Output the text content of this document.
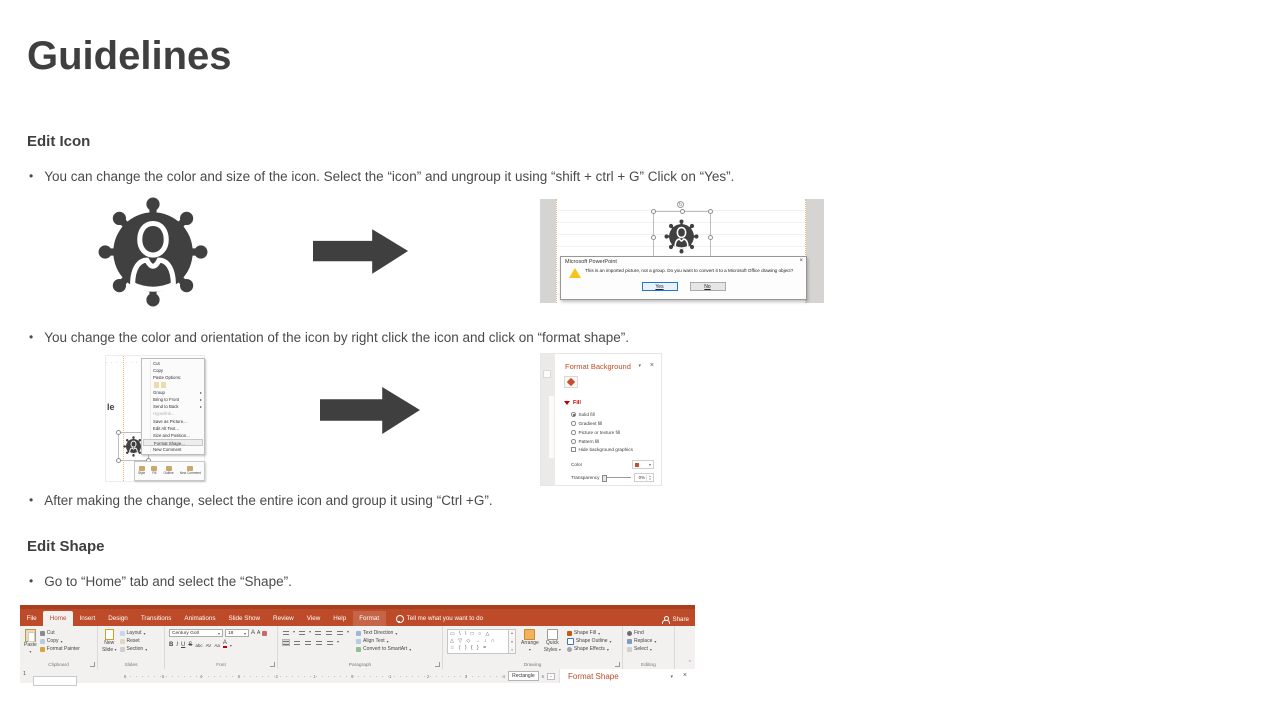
Guidelines
Edit Icon
• You can change the color and size of the icon. Select the “icon” and ungroup it using “shift + ctrl + G” Click on “Yes”.
• You change the color and orientation of the icon by right click the icon and click on “format shape”.
• After making the change, select the entire icon and group it using “Ctrl +G”.
Edit Shape
• Go to “Home” tab and select the “Shape”.
↻
Microsoft PowerPoint	×
This is an imported picture, not a group. Do you want to convert it to a Microsoft Office drawing object?
Yes	No
le
Cut
Copy
Paste Options:
Group ▸
Bring to Front ▸
Send to Back ▸
Hyperlink...
Save as Picture...
Edit Alt Text...
Size and Position...
Format Shape...
New Comment
Style Fill Outline New Comment
Format Background ▾ ×
Fill
Solid fill
Gradient fill
Picture or texture fill
Pattern fill
Hide background graphics
Color	▾
Transparency	0%	▴
▾
File	Home	Insert	Design	Transitions	Animations	Slide Show	Review	View	Help	Format	Tell me what you want to do	Share
Paste
▾
Cut
Copy ▾
Format Painter
Clipboard
New
Slide ▾
Layout ▾
Reset
Section ▾
Slides
Century Gotl	▾ 18	▾ A A
B I U S abc AV Aa A ▾
Font
▾	▾	▾
▾
Text Direction ▾
Align Text ▾
Convert to SmartArt ▾
Paragraph
▭ \ \ □ ○ △
△ ▽ ◇ → ↓ ∩
☆ ( ) { } =
▴
▾
≡
Arrange
▾
Quick
Styles ▾
Shape Fill ▾
Shape Outline ▾
Shape Effects ▾
Drawing
Find
Replace ▾
Select ▾
Editing	⌃
1	6	5	4	3	2	1	0	1	2	3	4	Rectangle	6	−	Format Shape	▾ ×
